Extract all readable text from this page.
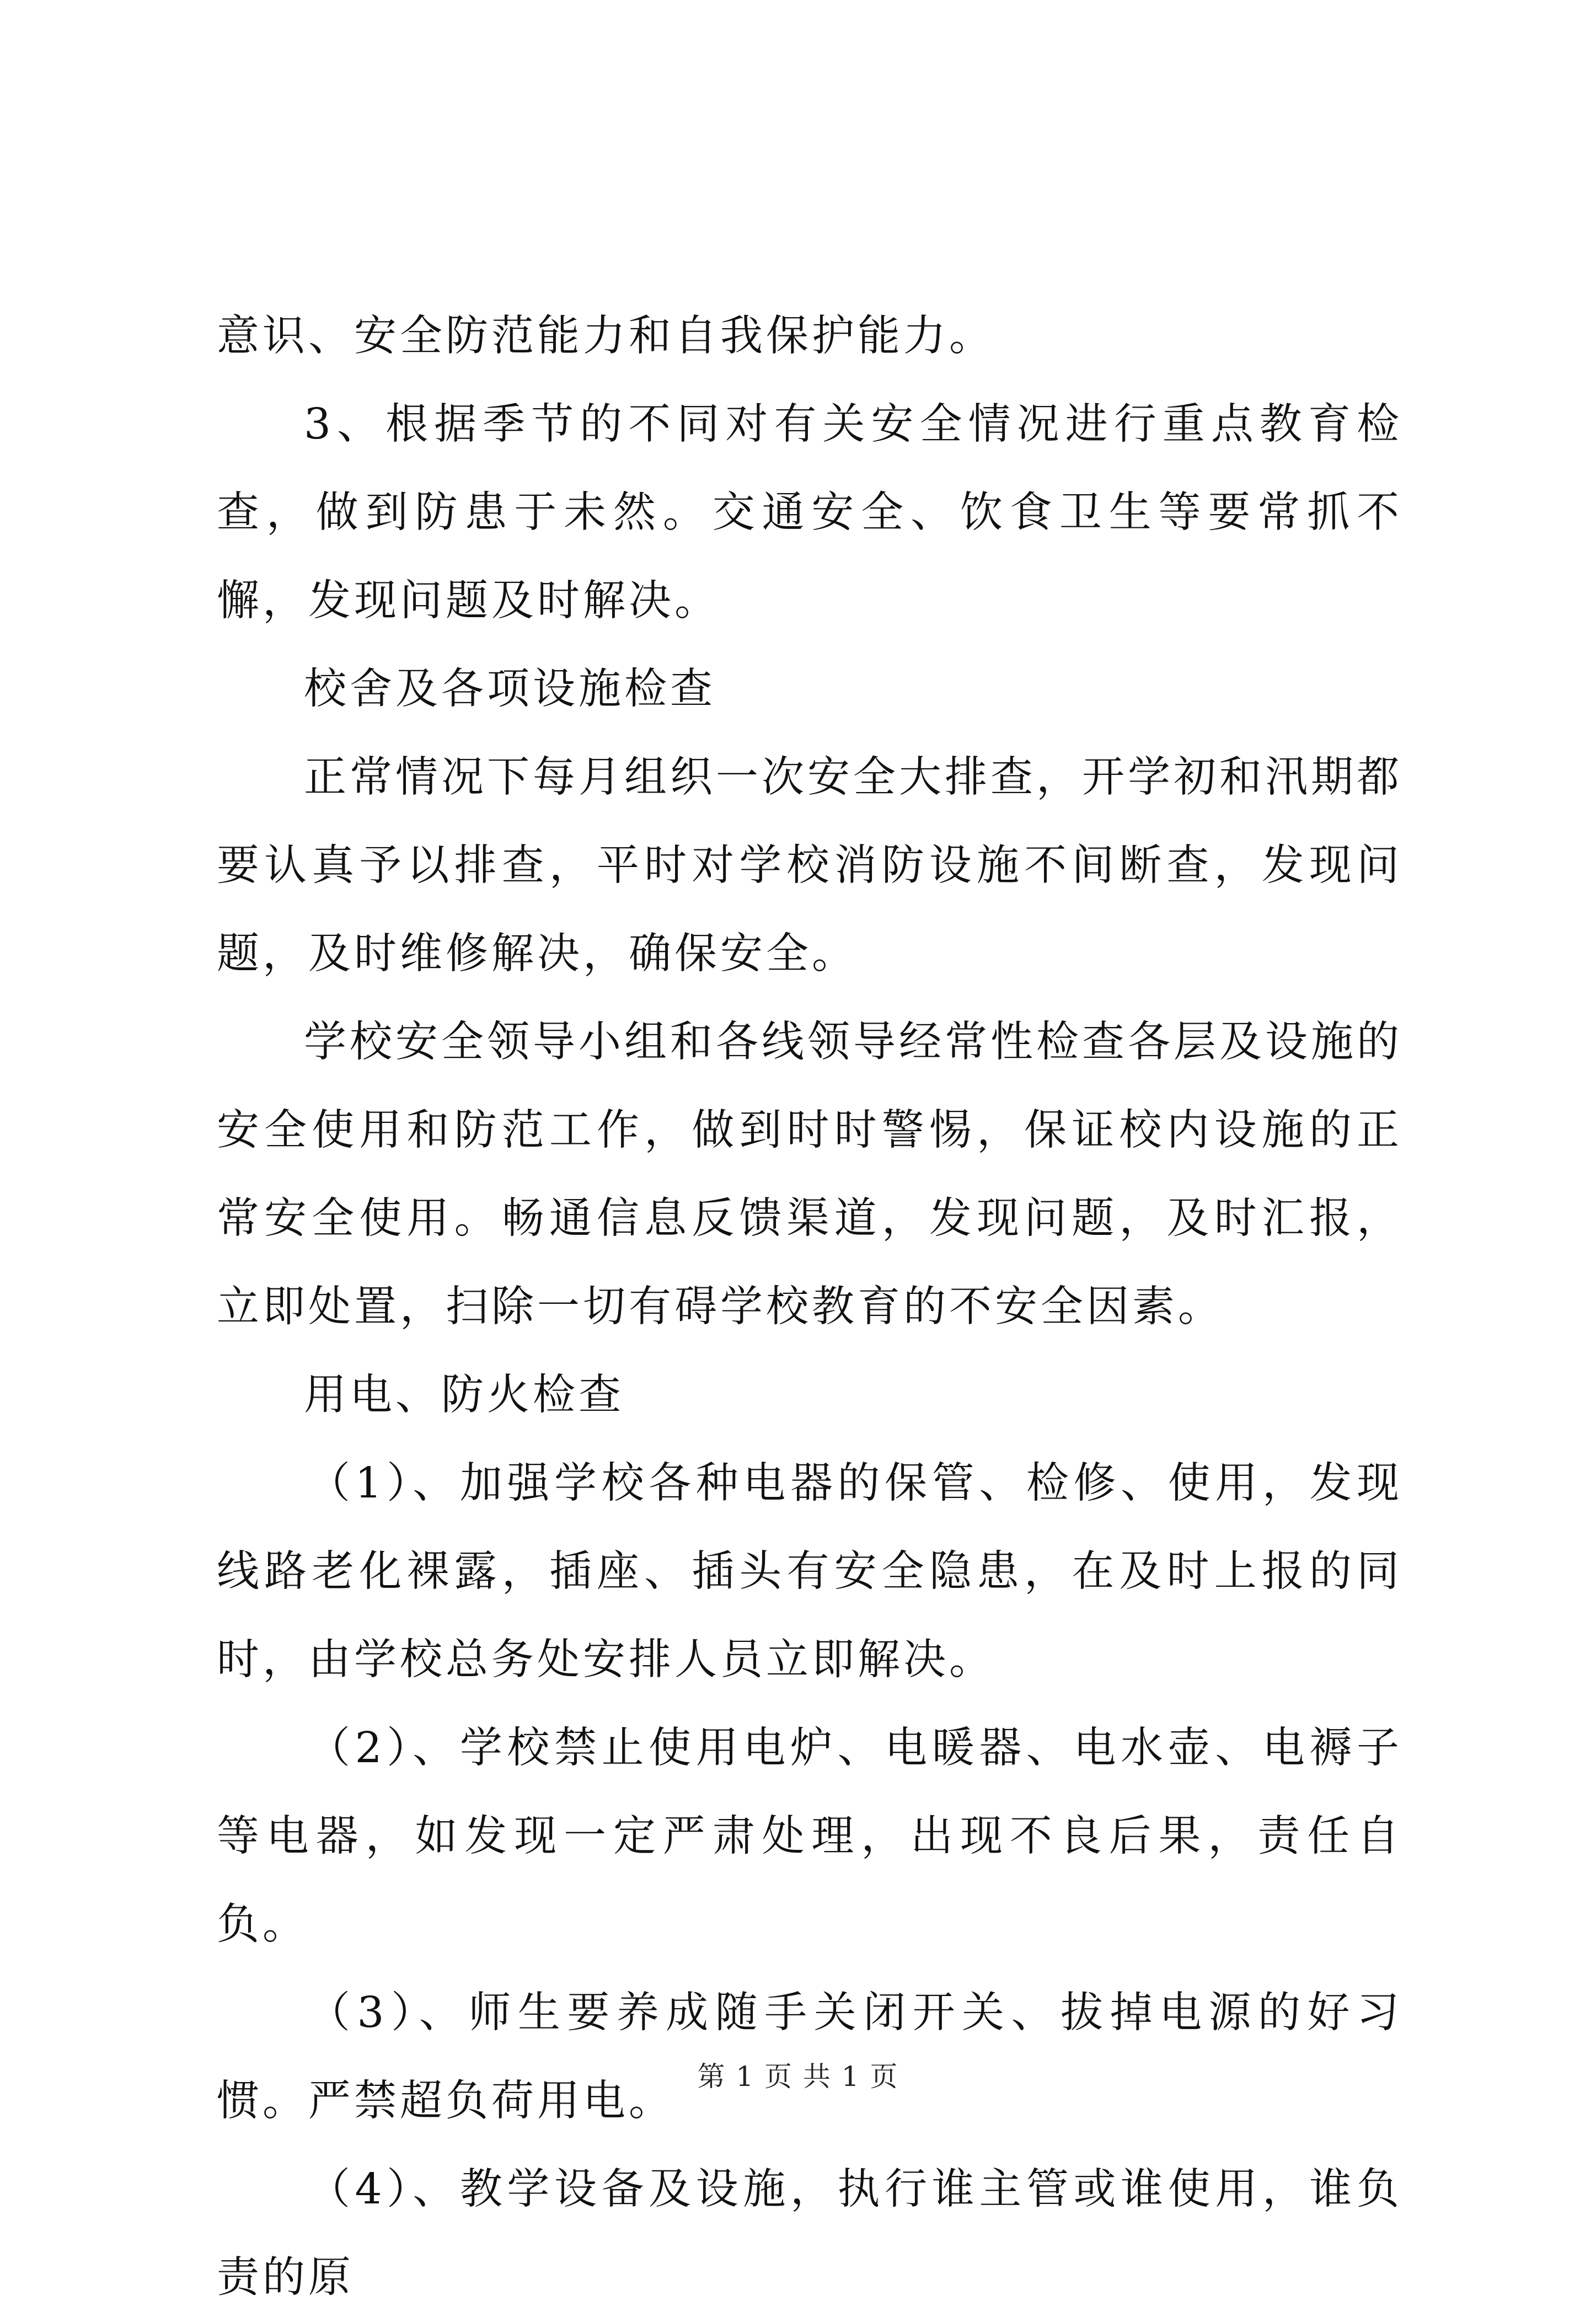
意识、安全防范能力和自我保护能力。

3、根据季节的不同对有关安全情况进行重点教育检查，做到防患于未然。交通安全、饮食卫生等要常抓不懈，发现问题及时解决。

校舍及各项设施检查

正常情况下每月组织一次安全大排查，开学初和汛期都要认真予以排查，平时对学校消防设施不间断查，发现问题，及时维修解决，确保安全。

学校安全领导小组和各线领导经常性检查各层及设施的安全使用和防范工作，做到时时警惕，保证校内设施的正常安全使用。畅通信息反馈渠道，发现问题，及时汇报，立即处置，扫除一切有碍学校教育的不安全因素。

用电、防火检查

（1）、加强学校各种电器的保管、检修、使用，发现线路老化裸露，插座、插头有安全隐患，在及时上报的同时，由学校总务处安排人员立即解决。

（2）、学校禁止使用电炉、电暖器、电水壶、电褥子等电器，如发现一定严肃处理，出现不良后果，责任自负。

（3）、师生要养成随手关闭开关、拔掉电源的好习惯。严禁超负荷用电。

（4）、教学设备及设施，执行谁主管或谁使用，谁负责的原

第 1 页 共 1 页
